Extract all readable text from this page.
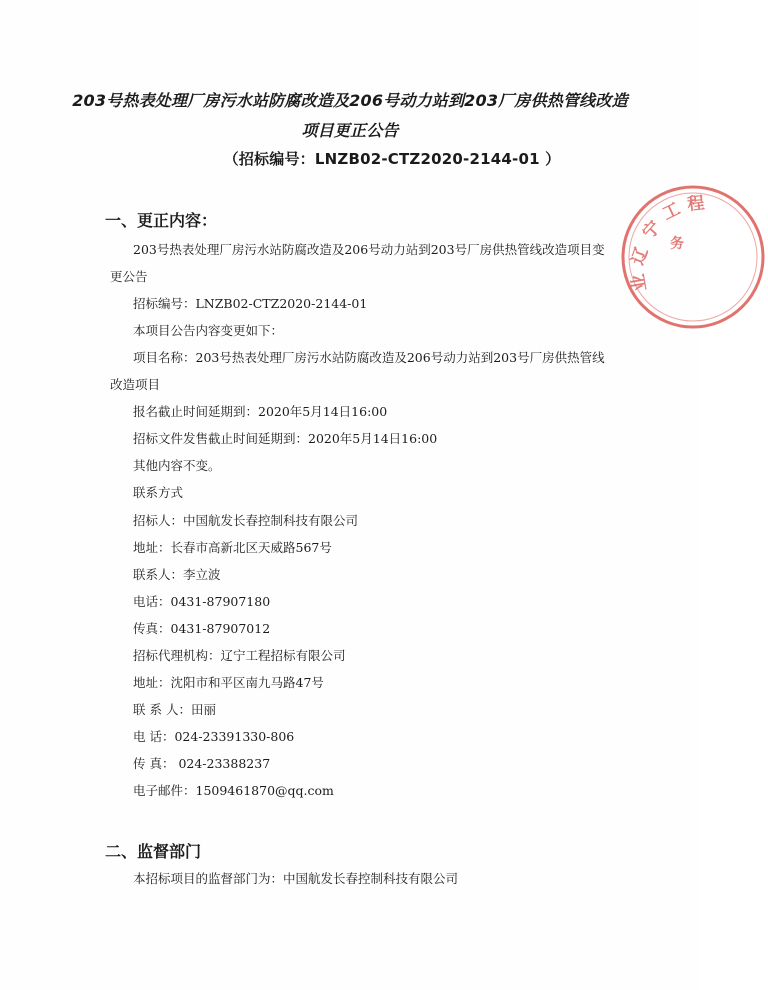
203号热表处理厂房污水站防腐改造及206号动力站到203厂房供热管线改造
项目更正公告
（招标编号：LNZB02-CTZ2020-2144-01 ）
一、更正内容：
203号热表处理厂房污水站防腐改造及206号动力站到203号厂房供热管线改造项目变
更公告
招标编号：LNZB02-CTZ2020-2144-01
本项目公告内容变更如下：
项目名称：203号热表处理厂房污水站防腐改造及206号动力站到203号厂房供热管线
改造项目
报名截止时间延期到：2020年5月14日16:00
招标文件发售截止时间延期到：2020年5月14日16:00
其他内容不变。
联系方式
招标人：中国航发长春控制科技有限公司
地址：长春市高新北区天威路567号
联系人：李立波
电话：0431-87907180
传真：0431-87907012
招标代理机构：辽宁工程招标有限公司
地址：沈阳市和平区南九马路47号
联 系 人：田丽
电 话：024-23391330-806
传 真： 024-23388237
电子邮件：1509461870@qq.com
二、监督部门
本招标项目的监督部门为：中国航发长春控制科技有限公司
辽
宁
工 程
业
务
